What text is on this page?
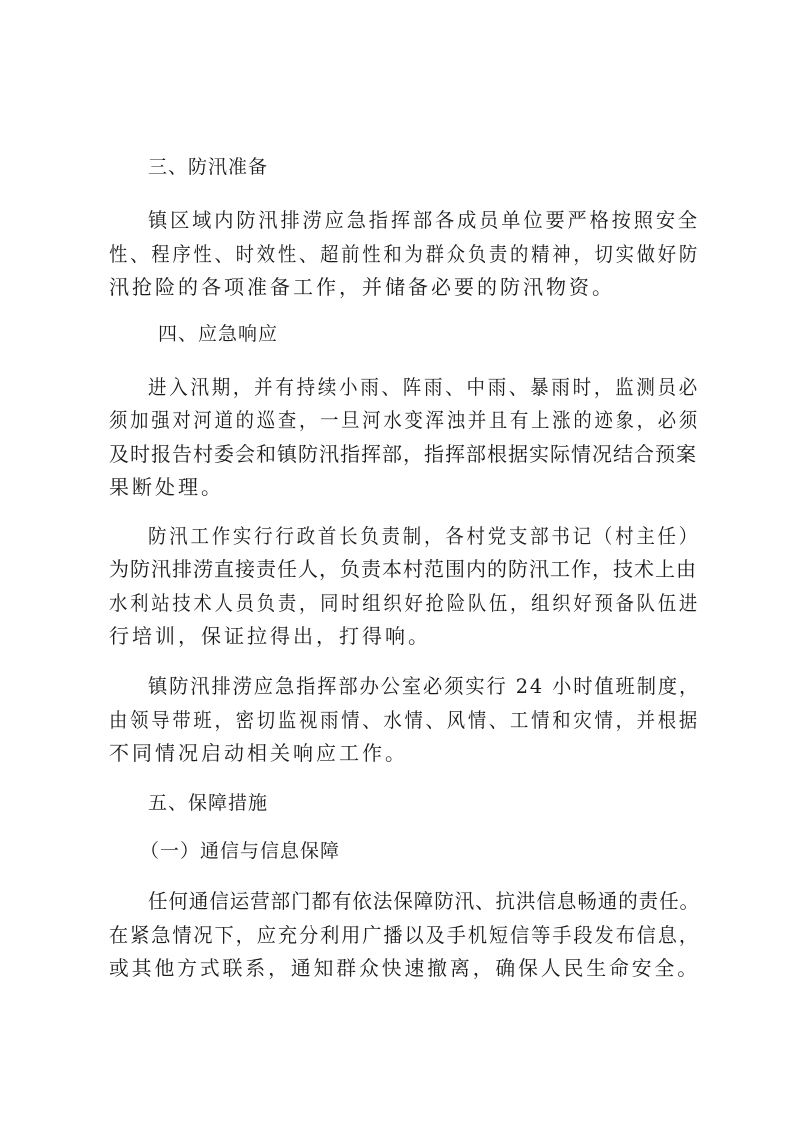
三、防汛准备
镇区域内防汛排涝应急指挥部各成员单位要严格按照安全
性、程序性、时效性、超前性和为群众负责的精神，切实做好防
汛抢险的各项准备工作，并储备必要的防汛物资。
四、应急响应
进入汛期，并有持续小雨、阵雨、中雨、暴雨时，监测员必
须加强对河道的巡查，一旦河水变浑浊并且有上涨的迹象，必须
及时报告村委会和镇防汛指挥部，指挥部根据实际情况结合预案
果断处理。
防汛工作实行行政首长负责制，各村党支部书记（村主任）
为防汛排涝直接责任人，负责本村范围内的防汛工作，技术上由
水利站技术人员负责，同时组织好抢险队伍，组织好预备队伍进
行培训，保证拉得出，打得响。
镇防汛排涝应急指挥部办公室必须实行 24 小时值班制度，
由领导带班，密切监视雨情、水情、风情、工情和灾情，并根据
不同情况启动相关响应工作。
五、保障措施
（一）通信与信息保障
任何通信运营部门都有依法保障防汛、抗洪信息畅通的责任。
在紧急情况下，应充分利用广播以及手机短信等手段发布信息，
或其他方式联系，通知群众快速撤离，确保人民生命安全。
